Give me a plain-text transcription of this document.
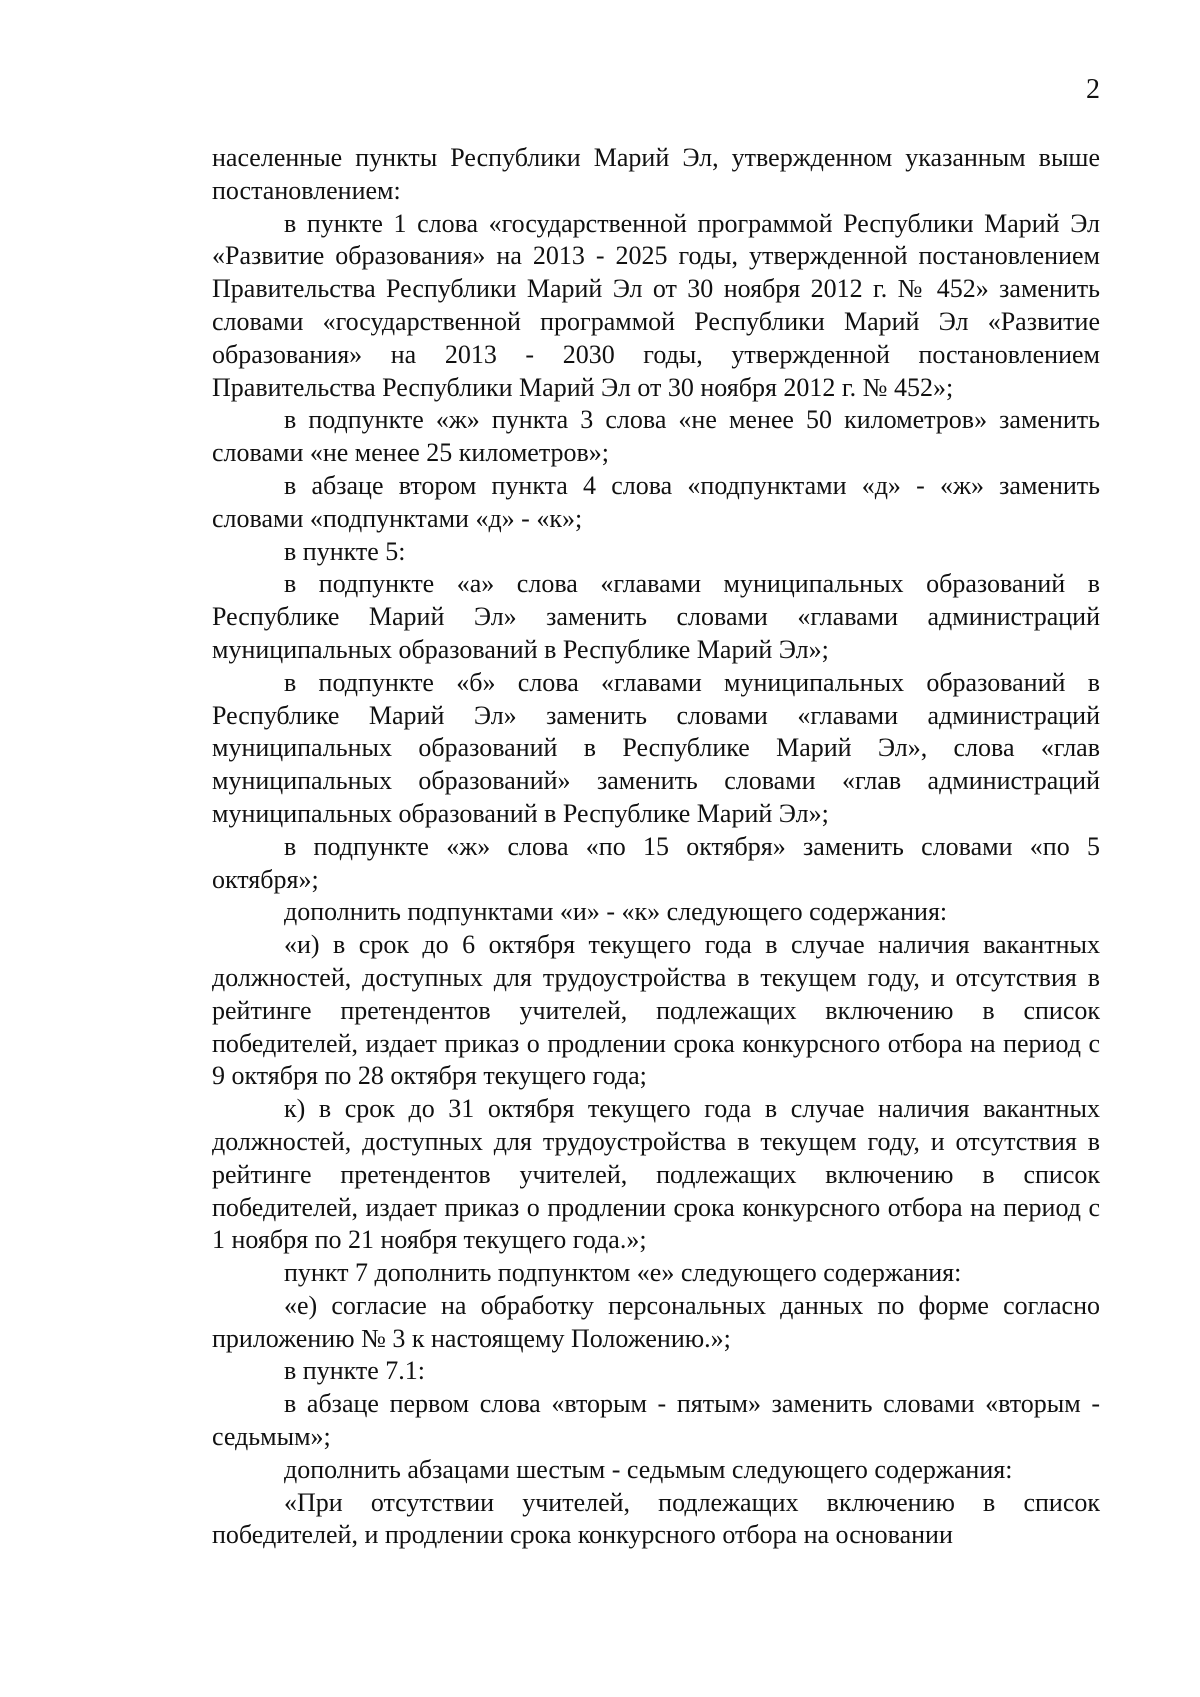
2

населенные пункты Республики Марий Эл, утвержденном указанным выше постановлением:

в пункте 1 слова «государственной программой Республики Марий Эл «Развитие образования» на 2013 - 2025 годы, утвержденной постановлением Правительства Республики Марий Эл от 30 ноября 2012 г. № 452» заменить словами «государственной программой Республики Марий Эл «Развитие образования» на 2013 - 2030 годы, утвержденной постановлением Правительства Республики Марий Эл от 30 ноября 2012 г. № 452»;

в подпункте «ж» пункта 3 слова «не менее 50 километров» заменить словами «не менее 25 километров»;

в абзаце втором пункта 4 слова «подпунктами «д» - «ж» заменить словами «подпунктами «д» - «к»;

в пункте 5:

в подпункте «а» слова «главами муниципальных образований в Республике Марий Эл» заменить словами «главами администраций муниципальных образований в Республике Марий Эл»;

в подпункте «б» слова «главами муниципальных образований в Республике Марий Эл» заменить словами «главами администраций муниципальных образований в Республике Марий Эл», слова «глав муниципальных образований» заменить словами «глав администраций муниципальных образований в Республике Марий Эл»;

в подпункте «ж» слова «по 15 октября» заменить словами «по 5 октября»;

дополнить подпунктами «и» - «к» следующего содержания:

«и) в срок до 6 октября текущего года в случае наличия вакантных должностей, доступных для трудоустройства в текущем году, и отсутствия в рейтинге претендентов учителей, подлежащих включению в список победителей, издает приказ о продлении срока конкурсного отбора на период с 9 октября по 28 октября текущего года;

к) в срок до 31 октября текущего года в случае наличия вакантных должностей, доступных для трудоустройства в текущем году, и отсутствия в рейтинге претендентов учителей, подлежащих включению в список победителей, издает приказ о продлении срока конкурсного отбора на период с 1 ноября по 21 ноября текущего года.»;

пункт 7 дополнить подпунктом «е» следующего содержания:

«е) согласие на обработку персональных данных по форме согласно приложению № 3 к настоящему Положению.»;

в пункте 7.1:

в абзаце первом слова «вторым - пятым» заменить словами «вторым - седьмым»;

дополнить абзацами шестым - седьмым следующего содержания:

«При отсутствии учителей, подлежащих включению в список победителей, и продлении срока конкурсного отбора на основании
